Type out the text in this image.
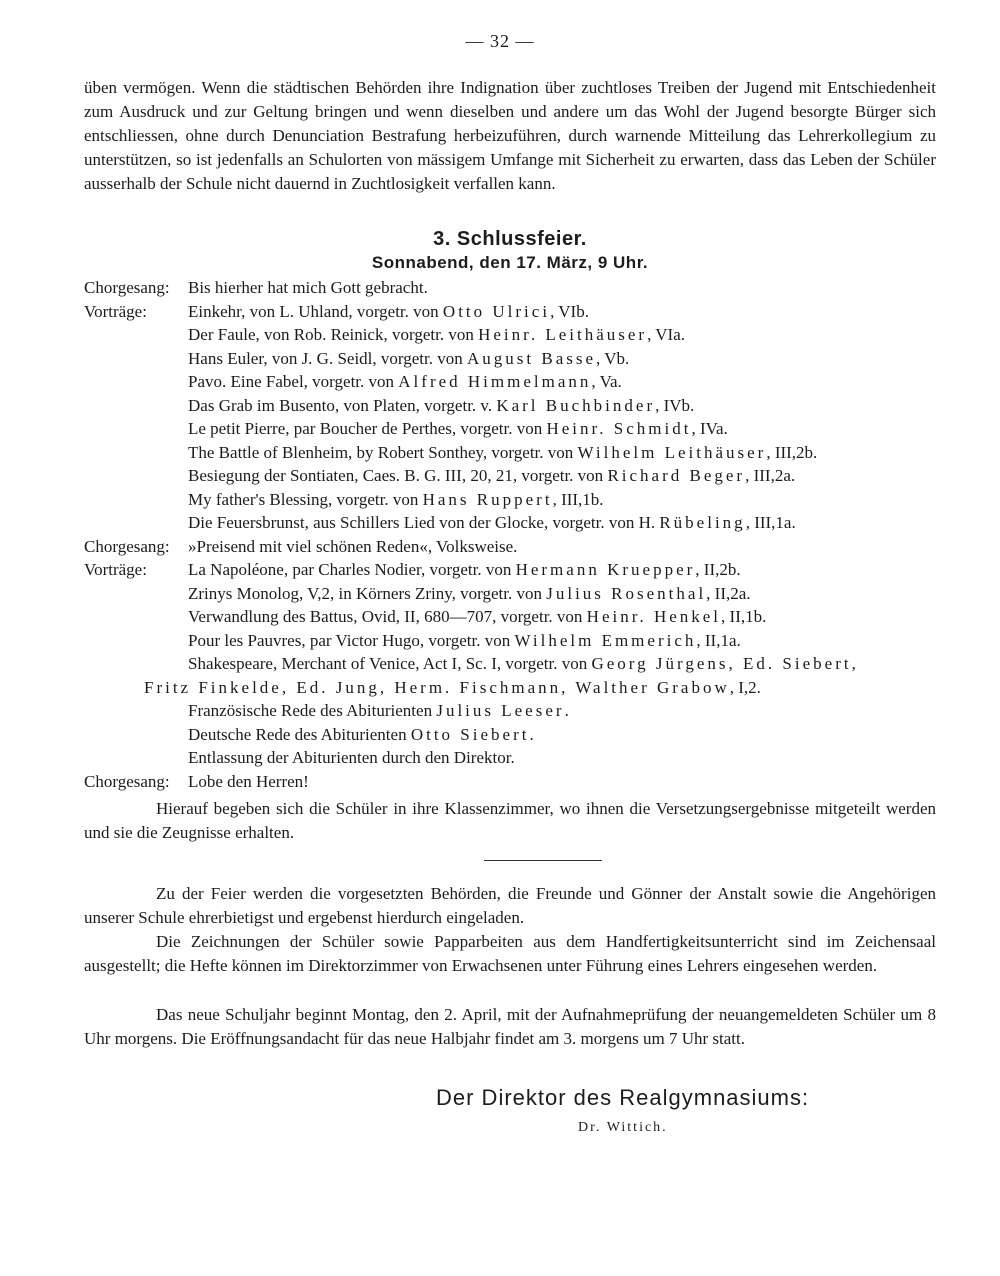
— 32 —
üben vermögen. Wenn die städtischen Behörden ihre Indignation über zuchtloses Treiben der Jugend mit Entschiedenheit zum Ausdruck und zur Geltung bringen und wenn dieselben und andere um das Wohl der Jugend besorgte Bürger sich entschliessen, ohne durch Denunciation Bestrafung herbeizuführen, durch warnende Mitteilung das Lehrerkollegium zu unterstützen, so ist jedenfalls an Schulorten von mässigem Umfange mit Sicherheit zu erwarten, dass das Leben der Schüler ausserhalb der Schule nicht dauernd in Zuchtlosigkeit verfallen kann.
3. Schlussfeier.
Sonnabend, den 17. März, 9 Uhr.
Chorgesang:	Bis hierher hat mich Gott gebracht.
Vorträge:	Einkehr, von L. Uhland, vorgetr. von Otto Ulrici, VIb.
Der Faule, von Rob. Reinick, vorgetr. von Heinr. Leithäuser, VIa.
Hans Euler, von J. G. Seidl, vorgetr. von August Basse, Vb.
Pavo. Eine Fabel, vorgetr. von Alfred Himmelmann, Va.
Das Grab im Busento, von Platen, vorgetr. v. Karl Buchbinder, IVb.
Le petit Pierre, par Boucher de Perthes, vorgetr. von Heinr. Schmidt, IVa.
The Battle of Blenheim, by Robert Sonthey, vorgetr. von Wilhelm Leithäuser, III,2b.
Besiegung der Sontiaten, Caes. B. G. III, 20, 21, vorgetr. von Richard Beger, III,2a.
My father's Blessing, vorgetr. von Hans Ruppert, III,1b.
Die Feuersbrunst, aus Schillers Lied von der Glocke, vorgetr. von H. Rübeling, III,1a.
Chorgesang:	»Preisend mit viel schönen Reden«, Volksweise.
Vorträge:	La Napoléone, par Charles Nodier, vorgetr. von Hermann Kruepper, II,2b.
Zrinys Monolog, V,2, in Körners Zriny, vorgetr. von Julius Rosenthal, II,2a.
Verwandlung des Battus, Ovid, II, 680—707, vorgetr. von Heinr. Henkel, II,1b.
Pour les Pauvres, par Victor Hugo, vorgetr. von Wilhelm Emmerich, II,1a.
Shakespeare, Merchant of Venice, Act I, Sc. I, vorgetr. von Georg Jürgens, Ed. Siebert,
Fritz Finkelde, Ed. Jung, Herm. Fischmann, Walther Grabow, I,2.
Französische Rede des Abiturienten Julius Leeser.
Deutsche Rede des Abiturienten Otto Siebert.
Entlassung der Abiturienten durch den Direktor.
Chorgesang:	Lobe den Herren!
Hierauf begeben sich die Schüler in ihre Klassenzimmer, wo ihnen die Versetzungsergebnisse mitgeteilt werden und sie die Zeugnisse erhalten.
Zu der Feier werden die vorgesetzten Behörden, die Freunde und Gönner der Anstalt sowie die Angehörigen unserer Schule ehrerbietigst und ergebenst hierdurch eingeladen.
Die Zeichnungen der Schüler sowie Papparbeiten aus dem Handfertigkeitsunterricht sind im Zeichensaal ausgestellt; die Hefte können im Direktorzimmer von Erwachsenen unter Führung eines Lehrers eingesehen werden.
Das neue Schuljahr beginnt Montag, den 2. April, mit der Aufnahmeprüfung der neuangemeldeten Schüler um 8 Uhr morgens. Die Eröffnungsandacht für das neue Halbjahr findet am 3. morgens um 7 Uhr statt.
Der Direktor des Realgymnasiums:
Dr. Wittich.
